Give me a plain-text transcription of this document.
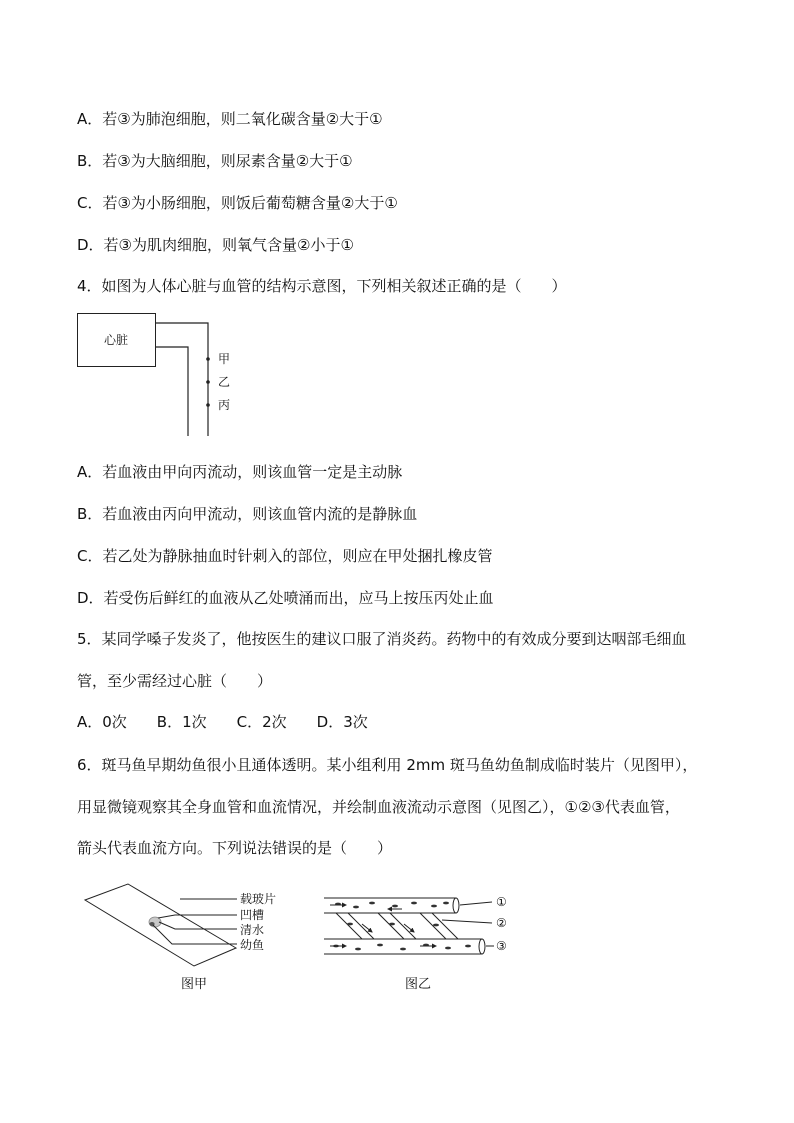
A．若③为肺泡细胞，则二氧化碳含量②大于①
B．若③为大脑细胞，则尿素含量②大于①
C．若③为小肠细胞，则饭后葡萄糖含量②大于①
D．若③为肌肉细胞，则氧气含量②小于①
4．如图为人体心脏与血管的结构示意图，下列相关叙述正确的是（　　）
心脏
甲
乙
丙
A．若血液由甲向丙流动，则该血管一定是主动脉
B．若血液由丙向甲流动，则该血管内流的是静脉血
C．若乙处为静脉抽血时针刺入的部位，则应在甲处捆扎橡皮管
D．若受伤后鲜红的血液从乙处喷涌而出，应马上按压丙处止血
5．某同学嗓子发炎了，他按医生的建议口服了消炎药。药物中的有效成分要到达咽部毛细血
管，至少需经过心脏（　　）
A．0次　　B．1次　　C．2次　　D．3次
6．斑马鱼早期幼鱼很小且通体透明。某小组利用 2mm 斑马鱼幼鱼制成临时装片（见图甲），
用显微镜观察其全身血管和血流情况，并绘制血液流动示意图（见图乙），①②③代表血管，
箭头代表血流方向。下列说法错误的是（　　）
载玻片
凹槽
清水
幼鱼
图甲
①
②
③
图乙
